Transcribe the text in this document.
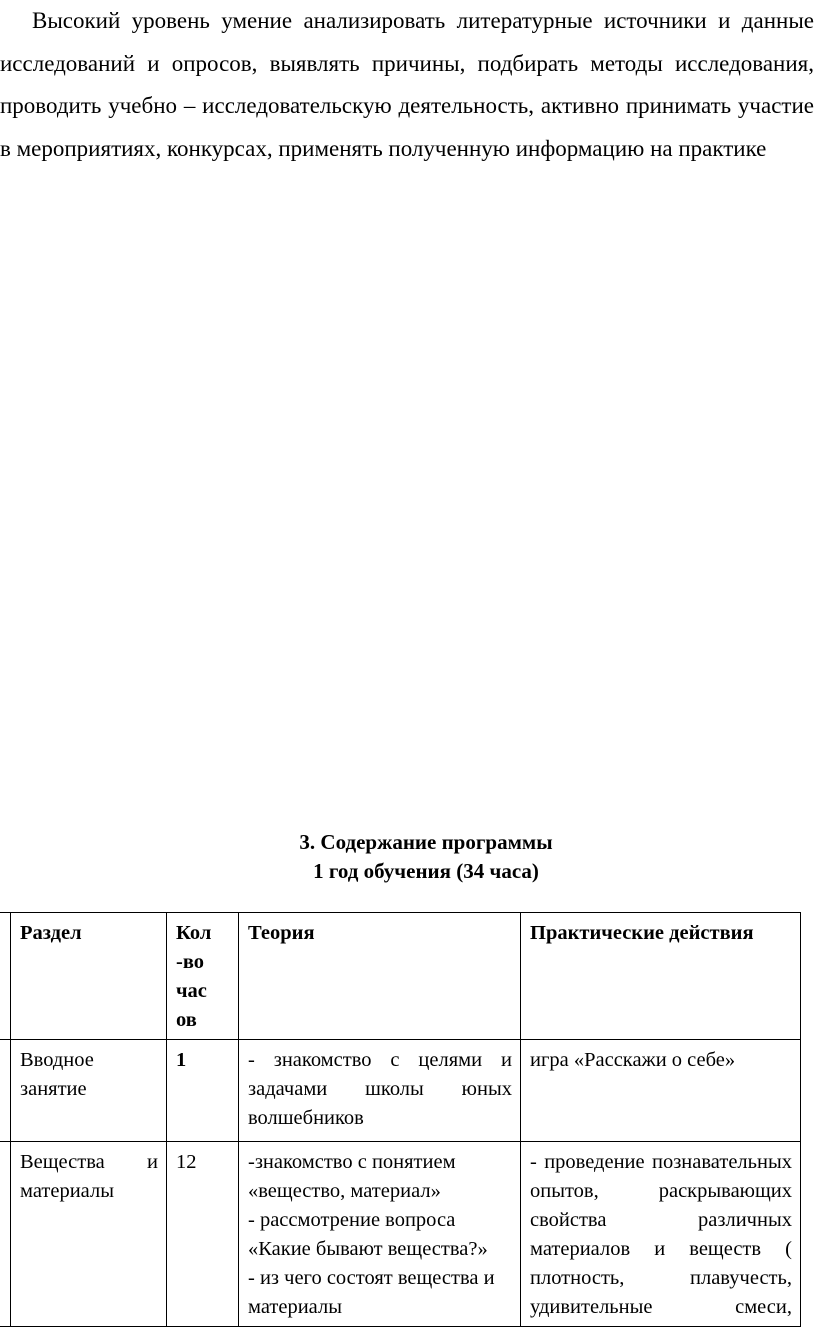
Высокий уровень умение анализировать литературные источники и данные исследований и опросов, выявлять причины, подбирать методы исследования, проводить учебно – исследовательскую деятельность, активно принимать участие в мероприятиях, конкурсах, применять полученную информацию на практике

3. Содержание программы
1 год обучения (34 часа)
	Раздел	Кол
-во
час
ов	Теория	Практические действия
	Вводное занятие	1	- знакомство с целями и задачами школы юных волшебников	игра «Расскажи о себе»

	Вещества и
материалы	12	-знакомство с понятием «вещество, материал»
- рассмотрение вопроса «Какие бывают вещества?»
- из чего состоят вещества и материалы	- проведение познавательных опытов, раскрывающих свойства различных материалов и веществ ( плотность, плавучесть, удивительные смеси,
